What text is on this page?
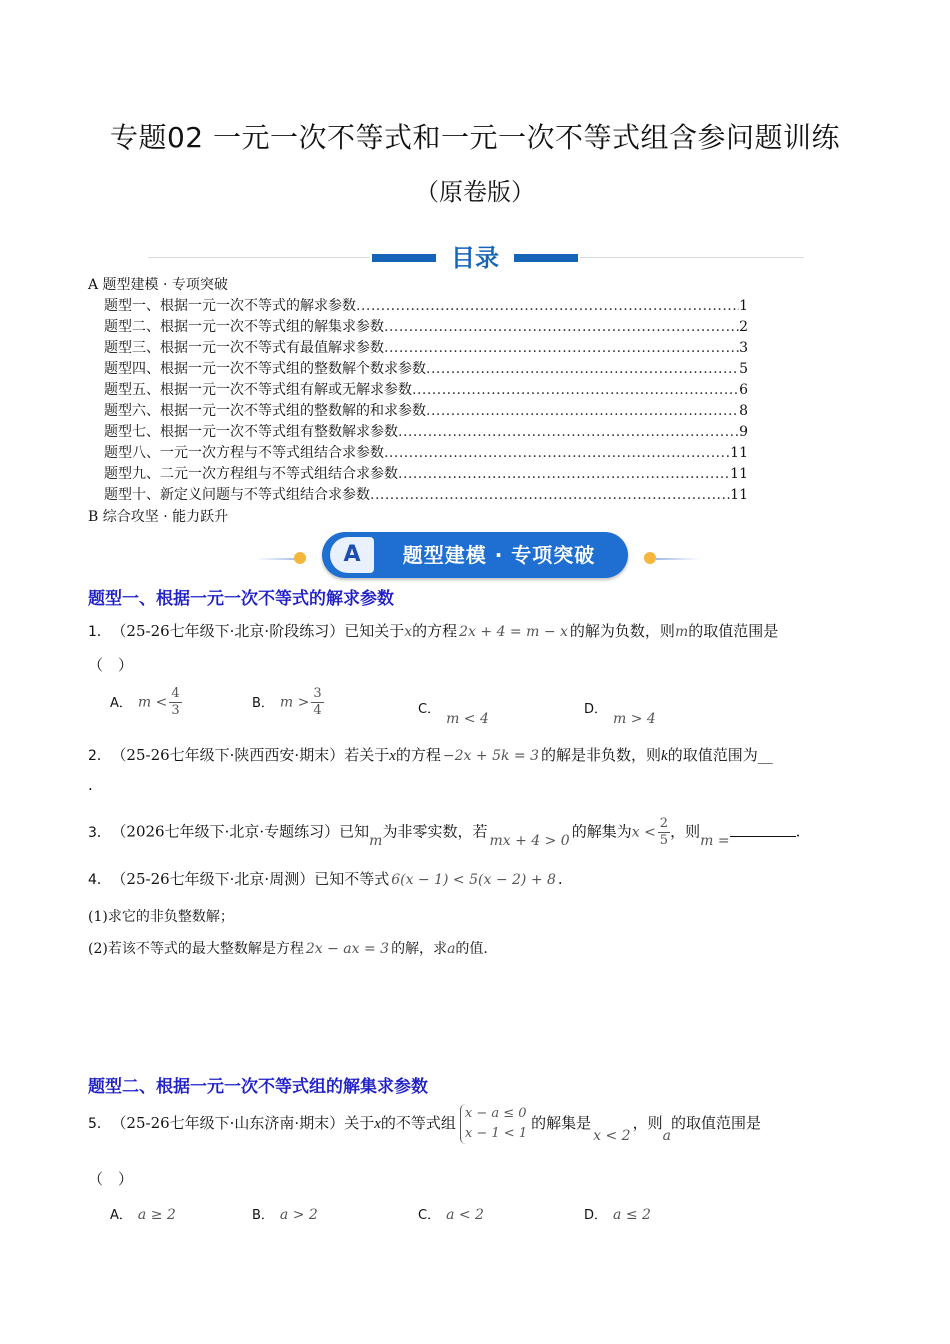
专题02 一元一次不等式和一元一次不等式组含参问题训练
（原卷版）
目录
A 题型建模 · 专项突破
题型一、根据一元一次不等式的解求参数 .....	1
题型二、根据一元一次不等式组的解集求参数 .....	2
题型三、根据一元一次不等式有最值解求参数 .....	3
题型四、根据一元一次不等式组的整数解个数求参数 .....	5
题型五、根据一元一次不等式组有解或无解求参数 .....	6
题型六、根据一元一次不等式组的整数解的和求参数 .....	8
题型七、根据一元一次不等式组有整数解求参数 .....	9
题型八、一元一次方程与不等式组结合求参数 .....	11
题型九、二元一次方程组与不等式组结合求参数 .....	11
题型十、新定义问题与不等式组结合求参数 .....	11
B 综合攻坚 · 能力跃升
A	题型建模 · 专项突破
题型一、根据一元一次不等式的解求参数
1． （25-26七年级下·北京·阶段练习）已知关于x的方程 2x + 4 = m − x 的解为负数，则m的取值范围是
（　）
A． $m < \frac{4}{3}$	B． $m > \frac{3}{4}$	C．m < 4
D．m > 4
2． （25-26七年级下·陕西西安·期末）若关于x的方程 −2x + 5k = 3 的解是非负数，则k的取值范围为__
.
3． （2026七年级下·北京·专题练习）已知m为非零实数，若 mx + 4 > 0 的解集为$x < \frac{2}{5}$ ，则m =	.
4． （25-26七年级下·北京·周测）已知不等式 6(x − 1) < 5(x − 2) + 8 .
(1)求它的非负整数解；
(2)若该不等式的最大整数解是方程 2x − ax = 3 的解，求a的值.
题型二、根据一元一次不等式组的解集求参数
5． （25-26七年级下·山东济南·期末）关于x的不等式组
x − a ≤ 0
x − 1 < 1
的解集是x < 2，则a的取值范围是
（　）
A． a ≥ 2	B． a > 2	C． a < 2	D． a ≤ 2
